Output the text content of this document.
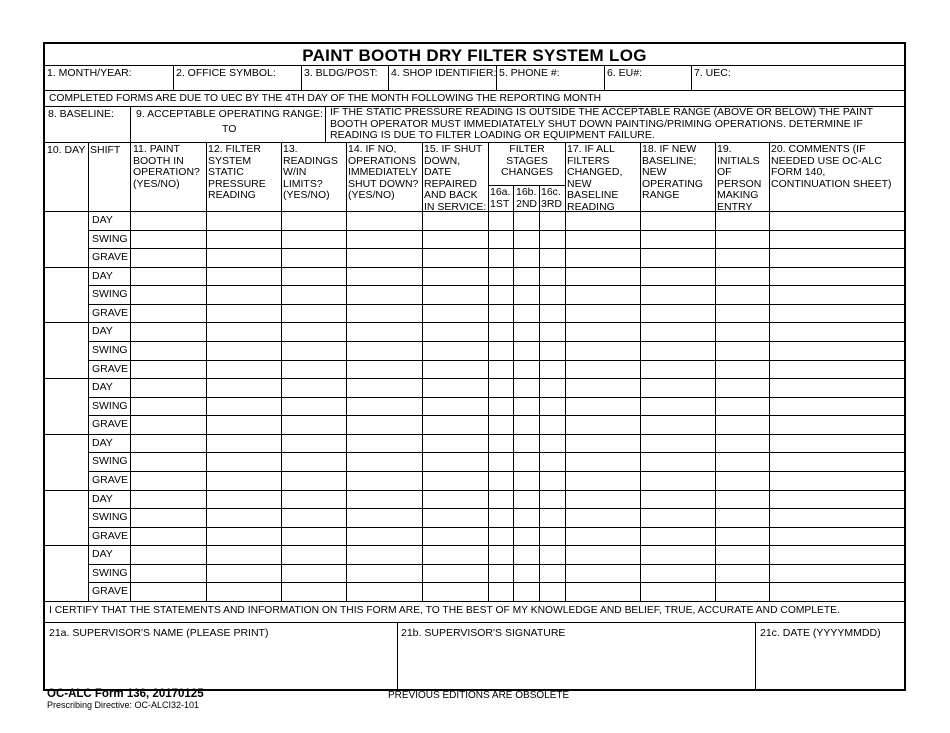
PAINT BOOTH DRY FILTER SYSTEM LOG
1. MONTH/YEAR:	2. OFFICE SYMBOL:	3. BLDG/POST: 4. SHOP IDENTIFIER: 5. PHONE #:	6. EU#:	7. UEC:
COMPLETED FORMS ARE DUE TO UEC BY THE 4TH DAY OF THE MONTH FOLLOWING THE REPORTING MONTH
8. BASELINE: 9. ACCEPTABLE OPERATING RANGE:
TO
IF THE STATIC PRESSURE READING IS OUTSIDE THE ACCEPTABLE RANGE (ABOVE OR BELOW) THE PAINT BOOTH OPERATOR MUST IMMEDIATATELY SHUT DOWN PAINTING/PRIMING OPERATIONS. DETERMINE IF READING IS DUE TO FILTER LOADING OR EQUIPMENT FAILURE.
10. DAY SHIFT 11. PAINT BOOTH IN OPERATION? (YES/NO)
12. FILTER SYSTEM STATIC PRESSURE READING
13. READINGS W/IN LIMITS? (YES/NO)
14. IF NO, OPERATIONS IMMEDIATELY SHUT DOWN? (YES/NO)
15. IF SHUT DOWN, DATE REPAIRED AND BACK IN SERVICE:
FILTER STAGES CHANGES
16a. 1ST
16b. 2ND
16c. 3RD
17. IF ALL FILTERS CHANGED, NEW BASELINE READING
18. IF NEW BASELINE; NEW OPERATING RANGE
19. INITIALS OF PERSON MAKING ENTRY
20. COMMENTS (IF NEEDED USE OC-ALC FORM 140, CONTINUATION SHEET)
DAY
SWING
GRAVE
DAY
SWING
GRAVE
DAY
SWING
GRAVE
DAY
SWING
GRAVE
DAY
SWING
GRAVE
DAY
SWING
GRAVE
DAY
SWING
GRAVE
I CERTIFY THAT THE STATEMENTS AND INFORMATION ON THIS FORM ARE, TO THE BEST OF MY KNOWLEDGE AND BELIEF, TRUE, ACCURATE AND COMPLETE.
21a. SUPERVISOR'S NAME (PLEASE PRINT)	21b. SUPERVISOR'S SIGNATURE	21c. DATE (YYYYMMDD)
OC-ALC Form 136, 20170125
Prescribing Directive: OC-ALCI32-101
PREVIOUS EDITIONS ARE OBSOLETE
